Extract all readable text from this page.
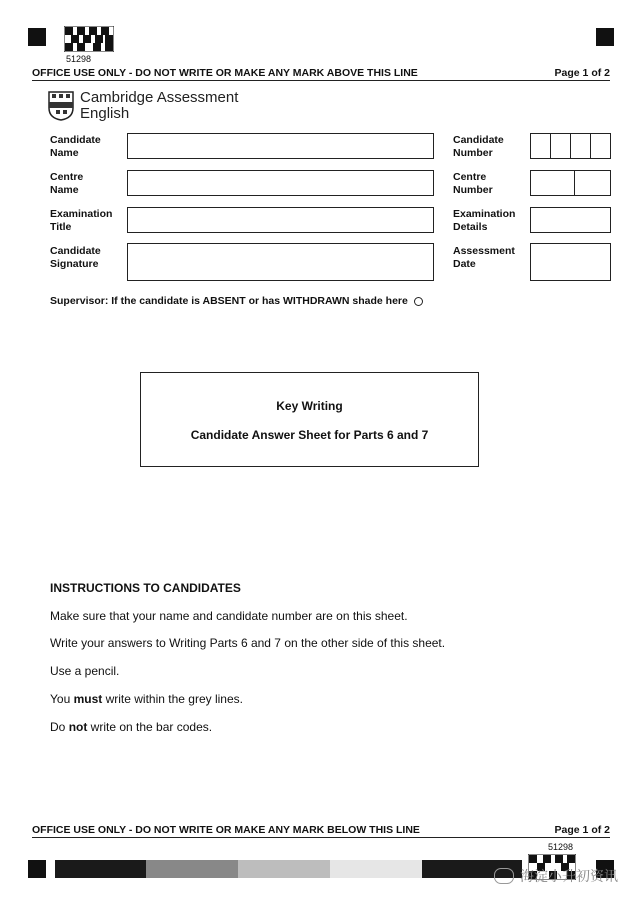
51298
OFFICE USE ONLY - DO NOT WRITE OR MAKE ANY MARK ABOVE THIS LINE	Page 1 of 2
Cambridge Assessment
English
Candidate Name
Centre Name
Examination Title
Candidate Signature
Candidate Number
Centre Number
Examination Details
Assessment Date
Supervisor: If the candidate is ABSENT or has WITHDRAWN shade here
Key Writing
Candidate Answer Sheet for Parts 6 and 7
INSTRUCTIONS TO CANDIDATES
Make sure that your name and candidate number are on this sheet.
Write your answers to Writing Parts 6 and 7 on the other side of this sheet.
Use a pencil.
You must write within the grey lines.
Do not write on the bar codes.
OFFICE USE ONLY - DO NOT WRITE OR MAKE ANY MARK BELOW THIS LINE	Page 1 of 2
51298
海淀小升初资讯
